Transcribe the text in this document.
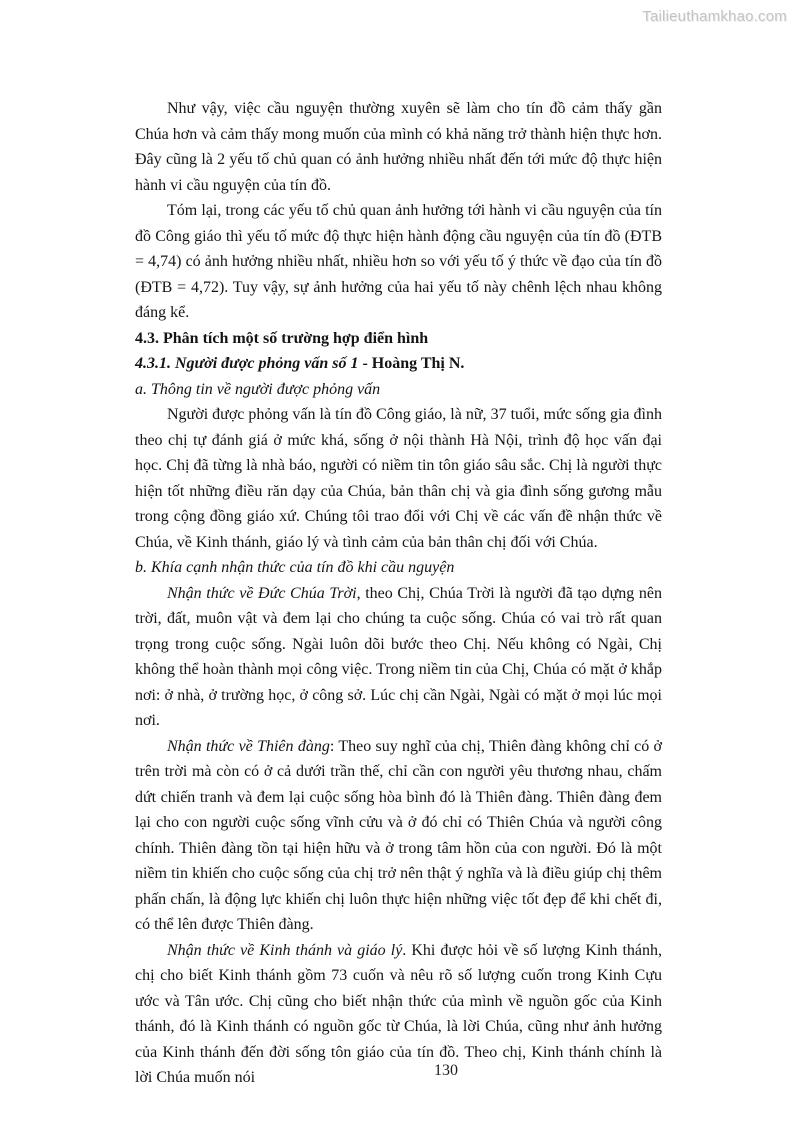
Tailieuthamkhao.com

Như vậy, việc cầu nguyện thường xuyên sẽ làm cho tín đồ cảm thấy gần Chúa hơn và cảm thấy mong muốn của mình có khả năng trở thành hiện thực hơn. Đây cũng là 2 yếu tố chủ quan có ảnh hưởng nhiều nhất đến tới mức độ thực hiện hành vi cầu nguyện của tín đồ.

Tóm lại, trong các yếu tố chủ quan ảnh hưởng tới hành vi cầu nguyện của tín đồ Công giáo thì yếu tố mức độ thực hiện hành động cầu nguyện của tín đồ (ĐTB = 4,74) có ảnh hưởng nhiều nhất, nhiều hơn so với yếu tố ý thức về đạo của tín đồ (ĐTB = 4,72). Tuy vậy, sự ảnh hưởng của hai yếu tố này chênh lệch nhau không đáng kể.

4.3. Phân tích một số trường hợp điển hình

4.3.1. Người được phỏng vấn số 1 - Hoàng Thị N.

a. Thông tin về người được phỏng vấn

Người được phỏng vấn là tín đồ Công giáo, là nữ, 37 tuổi, mức sống gia đình theo chị tự đánh giá ở mức khá, sống ở nội thành Hà Nội, trình độ học vấn đại học. Chị đã từng là nhà báo, người có niềm tin tôn giáo sâu sắc. Chị là người thực hiện tốt những điều răn dạy của Chúa, bản thân chị và gia đình sống gương mẫu trong cộng đồng giáo xứ. Chúng tôi trao đổi với Chị về các vấn đề nhận thức về Chúa, về Kinh thánh, giáo lý và tình cảm của bản thân chị đối với Chúa.

b. Khía cạnh nhận thức của tín đồ khi cầu nguyện

Nhận thức về Đức Chúa Trời, theo Chị, Chúa Trời là người đã tạo dựng nên trời, đất, muôn vật và đem lại cho chúng ta cuộc sống. Chúa có vai trò rất quan trọng trong cuộc sống. Ngài luôn dõi bước theo Chị. Nếu không có Ngài, Chị không thể hoàn thành mọi công việc. Trong niềm tin của Chị, Chúa có mặt ở khắp nơi: ở nhà, ở trường học, ở công sở. Lúc chị cần Ngài, Ngài có mặt ở mọi lúc mọi nơi.

Nhận thức về Thiên đàng: Theo suy nghĩ của chị, Thiên đàng không chỉ có ở trên trời mà còn có ở cả dưới trần thế, chỉ cần con người yêu thương nhau, chấm dứt chiến tranh và đem lại cuộc sống hòa bình đó là Thiên đàng. Thiên đàng đem lại cho con người cuộc sống vĩnh cửu và ở đó chỉ có Thiên Chúa và người công chính. Thiên đàng tồn tại hiện hữu và ở trong tâm hồn của con người. Đó là một niềm tin khiến cho cuộc sống của chị trở nên thật ý nghĩa và là điều giúp chị thêm phấn chấn, là động lực khiến chị luôn thực hiện những việc tốt đẹp để khi chết đi, có thể lên được Thiên đàng.

Nhận thức về Kinh thánh và giáo lý. Khi được hỏi về số lượng Kinh thánh, chị cho biết Kinh thánh gồm 73 cuốn và nêu rõ số lượng cuốn trong Kinh Cựu ước và Tân ước. Chị cũng cho biết nhận thức của mình về nguồn gốc của Kinh thánh, đó là Kinh thánh có nguồn gốc từ Chúa, là lời Chúa, cũng như ảnh hưởng của Kinh thánh đến đời sống tôn giáo của tín đồ. Theo chị, Kinh thánh chính là lời Chúa muốn nói	130
